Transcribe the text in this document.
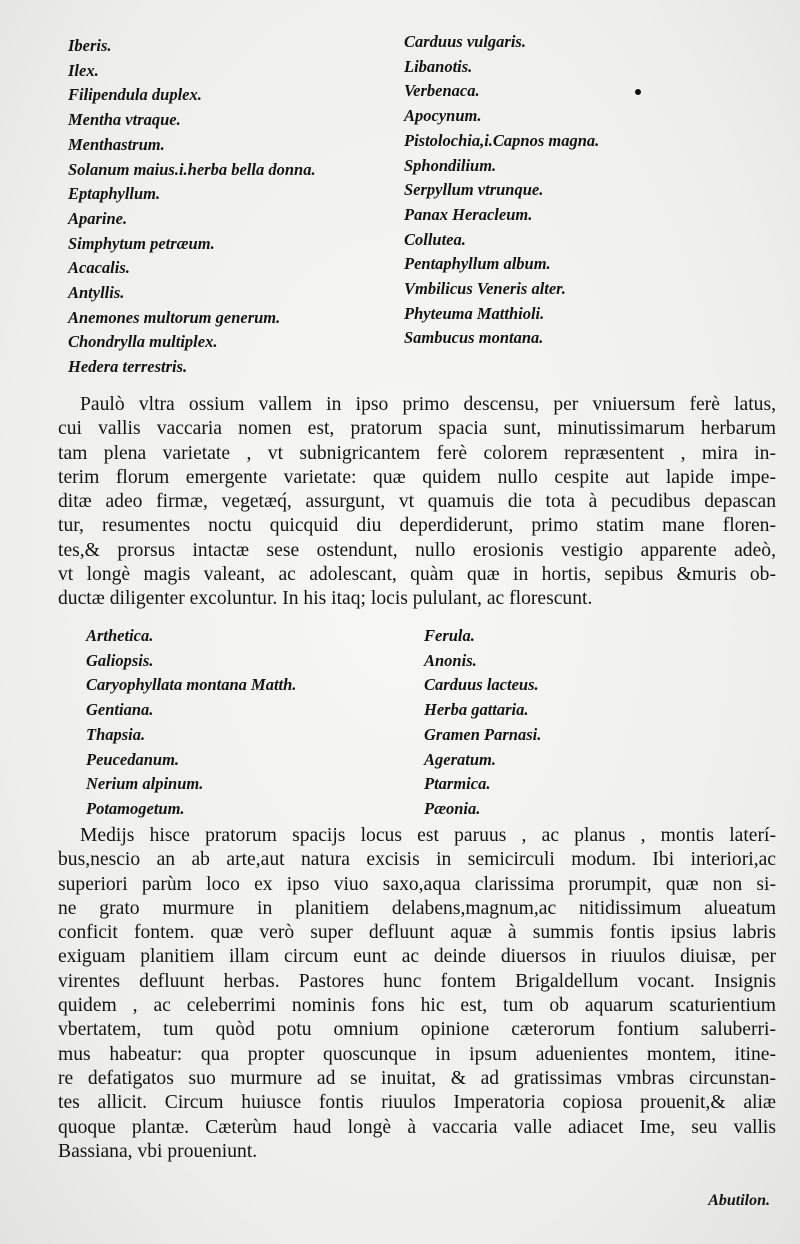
Iberis.
Ilex.
Filipendula duplex.
Mentha vtraque.
Menthastrum.
Solanum maius.i.herba bella donna.
Eptaphyllum.
Aparine.
Simphytum petræum.
Acacalis.
Antyllis.
Anemones multorum generum.
Chondrylla multiplex.
Hedera terrestris.
Carduus vulgaris.
Libanotis.
Verbenaca.
Apocynum.
Pistolochia,i.Capnos magna.
Sphondilium.
Serpyllum vtrunque.
Panax Heracleum.
Collutea.
Pentaphyllum album.
Vmbilicus Veneris alter.
Phyteuma Matthioli.
Sambucus montana.
Paulò vltra ossium vallem in ipso primo descensu, per vniuersum ferè latus,
cui vallis vaccaria nomen est, pratorum spacia sunt, minutissimarum herbarum
tam plena varietate , vt subnigricantem ferè colorem repræsentent , mira in-
terim florum emergente varietate: quæ quidem nullo cespite aut lapide impe-
ditæ adeo firmæ, vegetæq́, assurgunt, vt quamuis die tota à pecudibus depascan
tur, resumentes noctu quicquid diu deperdiderunt, primo statim mane floren-
tes,& prorsus intactæ sese ostendunt, nullo erosionis vestigio apparente adeò,
vt longè magis valeant, ac adolescant, quàm quæ in hortis, sepibus &muris ob-
ductæ diligenter excoluntur. In his itaq; locis pululant, ac florescunt.
Arthetica.
Galiopsis.
Caryophyllata montana Matth.
Gentiana.
Thapsia.
Peucedanum.
Nerium alpinum.
Potamogetum.
Ferula.
Anonis.
Carduus lacteus.
Herba gattaria.
Gramen Parnasi.
Ageratum.
Ptarmica.
Pæonia.
Medijs hisce pratorum spacijs locus est paruus , ac planus , montis laterí-
bus,nescio an ab arte,aut natura excisis in semicirculi modum. Ibi interiori,ac
superiori parùm loco ex ipso viuo saxo,aqua clarissima prorumpit, quæ non si-
ne grato murmure in planitiem delabens,magnum,ac nitidissimum alueatum
conficit fontem. quæ verò super defluunt aquæ à summis fontis ipsius labris
exiguam planitiem illam circum eunt ac deinde diuersos in riuulos diuisæ, per
virentes defluunt herbas. Pastores hunc fontem Brigaldellum vocant. Insignis
quidem , ac celeberrimi nominis fons hic est, tum ob aquarum scaturientium
vbertatem, tum quòd potu omnium opinione cæterorum fontium saluberri-
mus habeatur: qua propter quoscunque in ipsum aduenientes montem, itine-
re defatigatos suo murmure ad se inuitat, & ad gratissimas vmbras circunstan-
tes allicit. Circum huiusce fontis riuulos Imperatoria copiosa prouenit,& aliæ
quoque plantæ. Cæterùm haud longè à vaccaria valle adiacet Ime, seu vallis
Bassiana, vbi proueniunt.
Abutilon.
